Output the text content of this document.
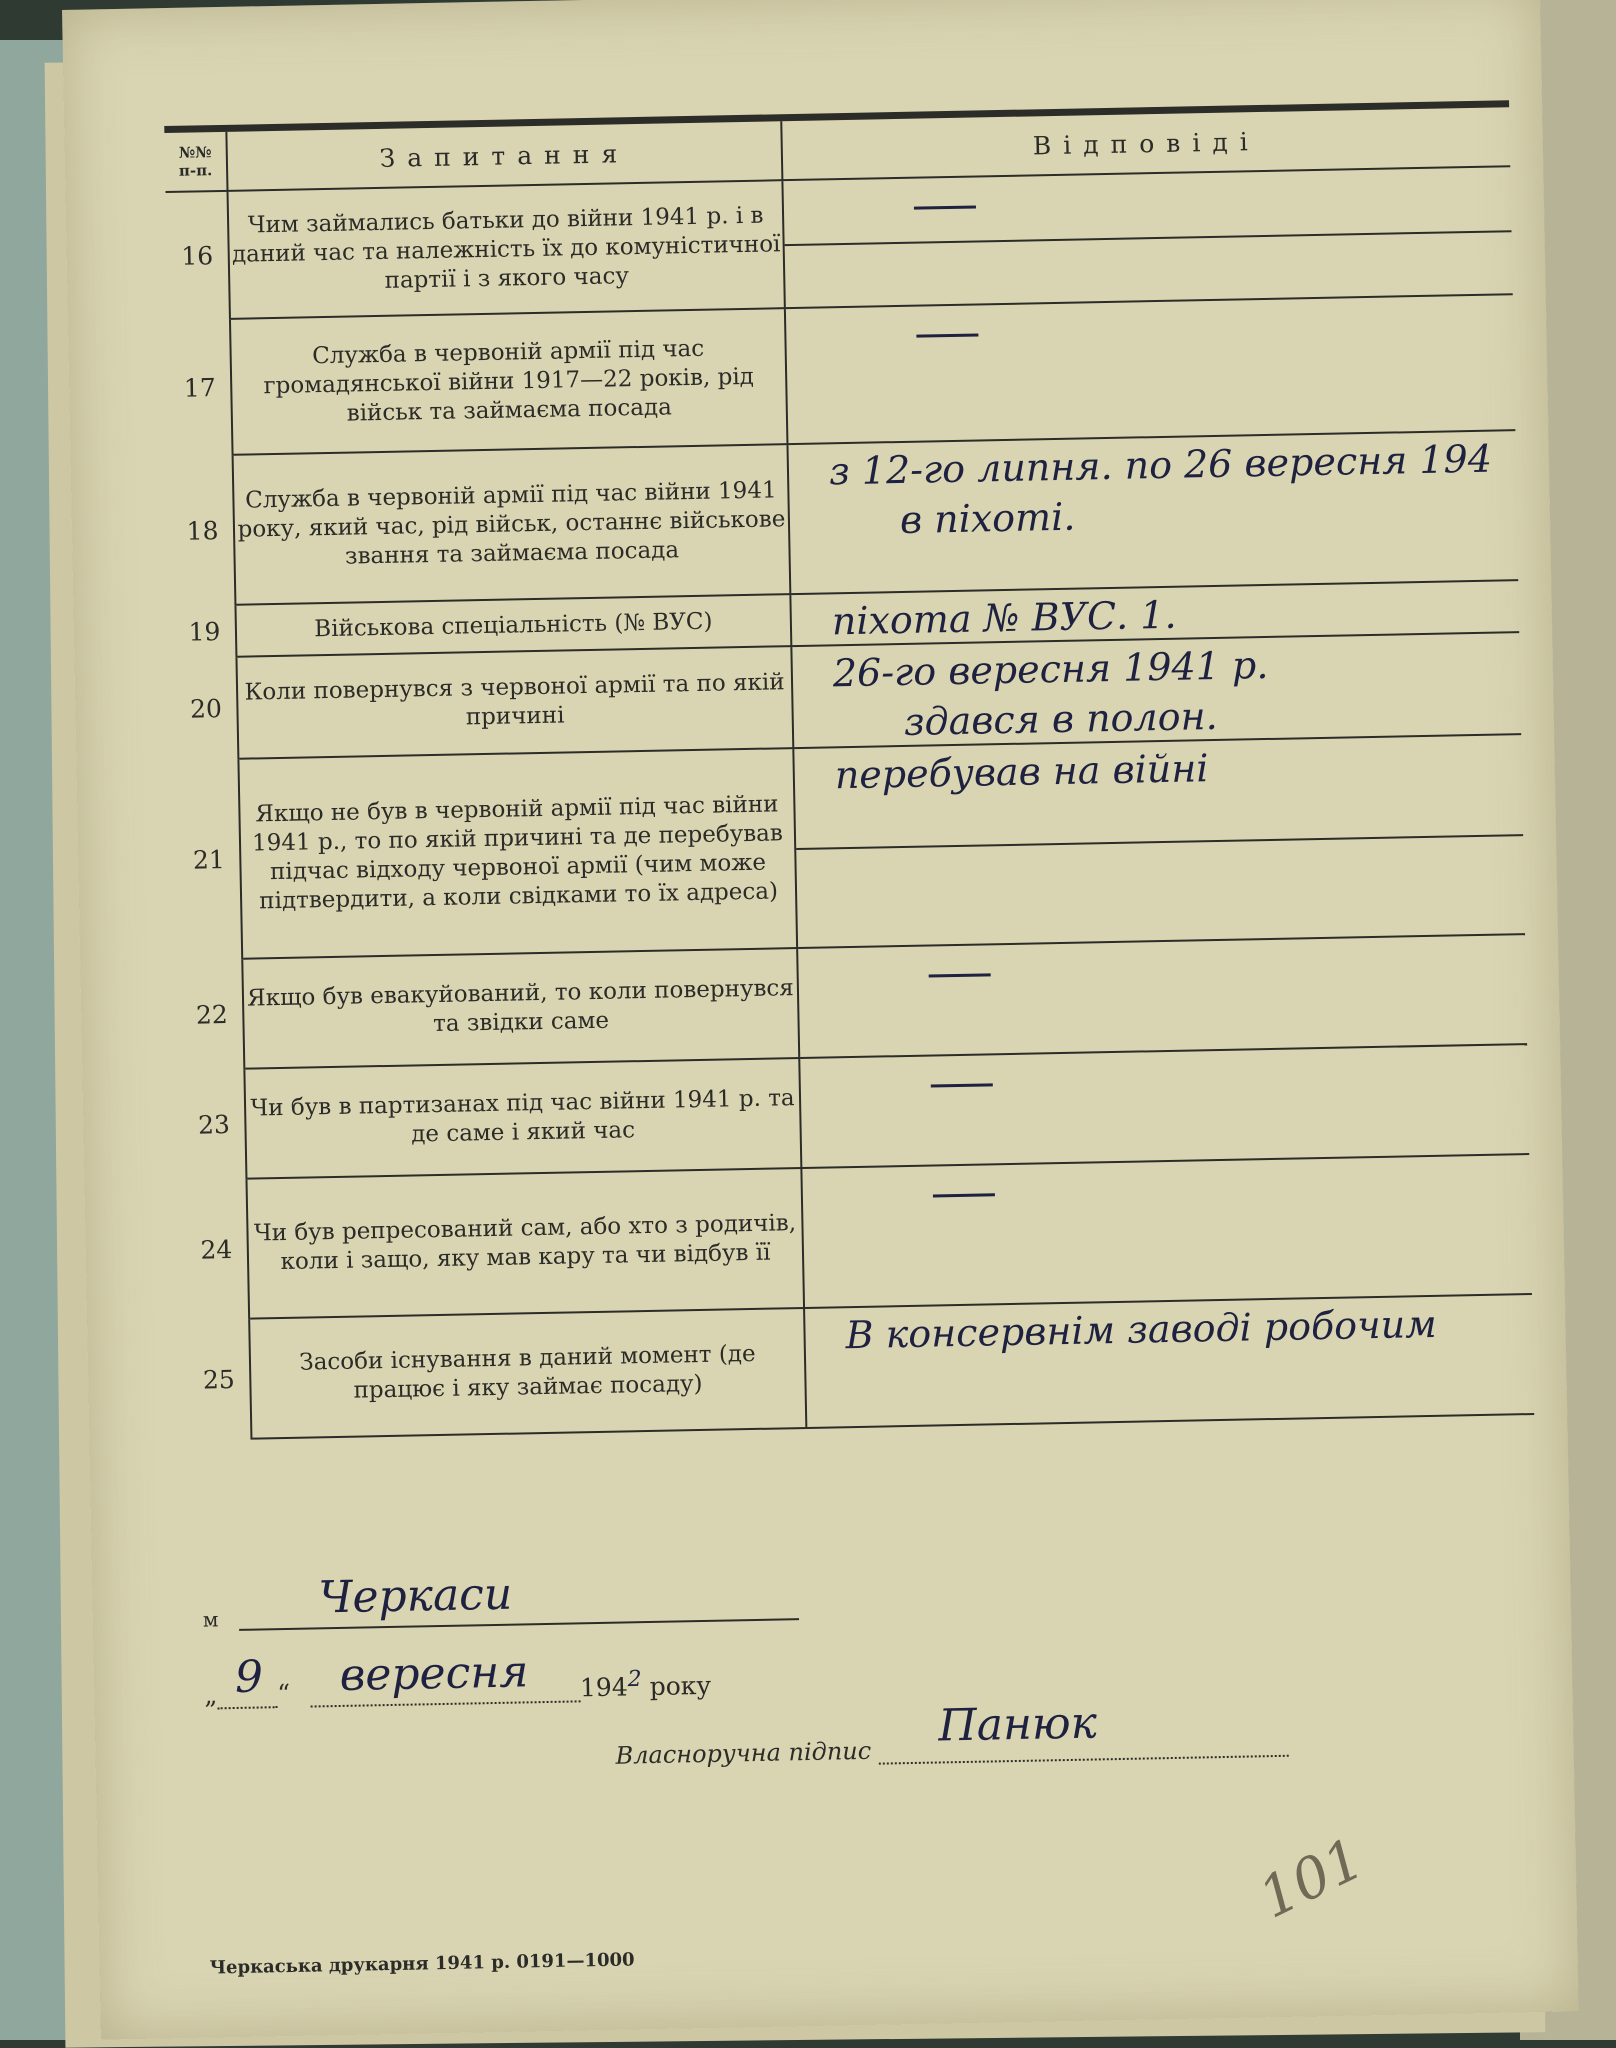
№№
п-п.	Запитання	Відповіді
16	Чим займались батьки до війни 1941 р. і в даний час та належність їх до комуністичної партії і з якого часу	

17	Служба в червоній армії під час громадянської війни 1917—22 років, рід військ та займаєма посада	

18	Служба в червоній армії під час війни 1941 року, який час, рід військ, останнє військове звання та займаєма посада	з 12-го липня. по 26 вересня 194
в піхоті.

19	Військова спеціальність (№ ВУС)	піхота № ВУС. 1.

20	Коли повернувся з червоної армії та по якій причині	26-го вересня 1941 р.
здався в полон.

21	Якщо не був в червоній армії під час війни 1941 р., то по якій причині та де перебував підчас відходу червоної армії (чим може підтвердити, а коли свідками то їх адреса)	перебував на війні

22	Якщо був евакуйований, то коли повернувся та звідки саме	

23	Чи був в партизанах під час війни 1941 р. та де саме і який час	

24	Чи був репресований сам, або хто з родичів, коли і защо, яку мав кару та чи відбув її	

25	Засоби існування в даний момент (де працює і яку займає посаду)	В консервнім заводі робочим
м Черкаси
„ 9 “ вересня 1942 року
Власноручна підпис
Панюк
Черкаська друкарня 1941 р. 0191—1000
101
